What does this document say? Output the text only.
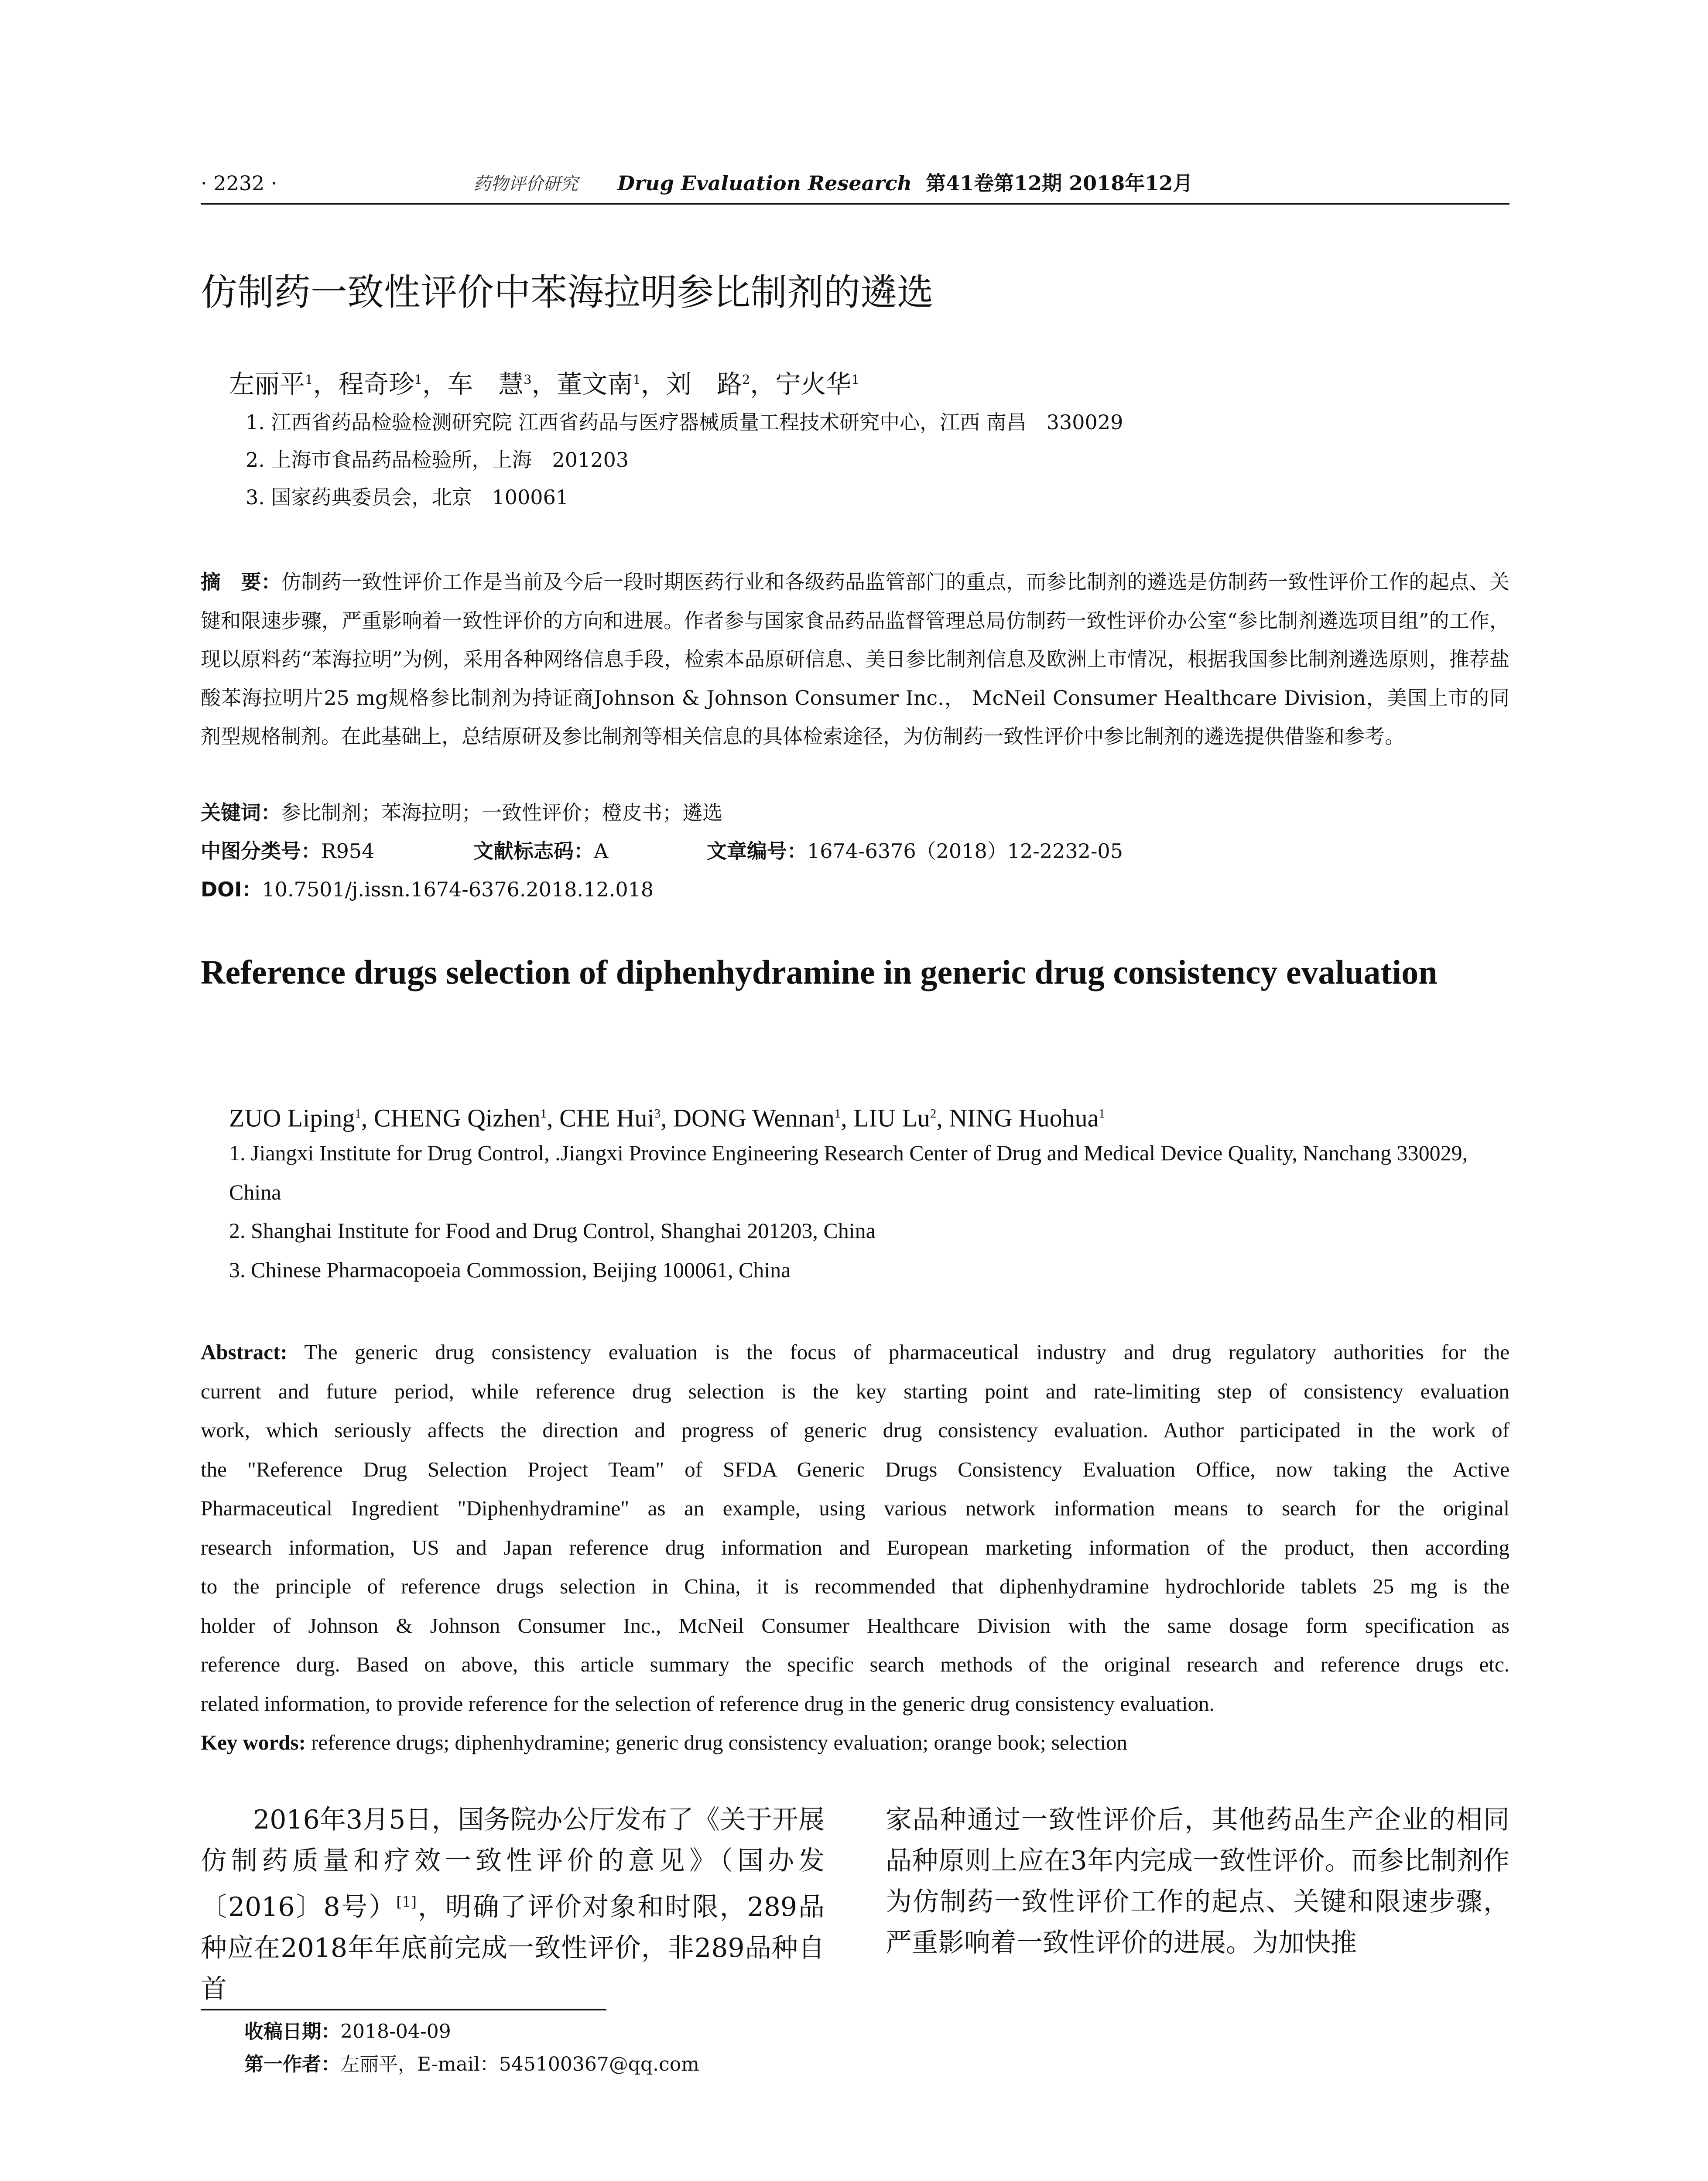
· 2232 ·	药物评价研究 Drug Evaluation Research 第41卷第12期 2018年12月
仿制药一致性评价中苯海拉明参比制剂的遴选
左丽平$^1$，程奇珍$^1$，车　慧$^3$，董文南$^1$，刘　路$^2$，宁火华$^1$
1. 江西省药品检验检测研究院 江西省药品与医疗器械质量工程技术研究中心，江西 南昌　330029
2. 上海市食品药品检验所，上海　201203
3. 国家药典委员会，北京　100061
摘　要：仿制药一致性评价工作是当前及今后一段时期医药行业和各级药品监管部门的重点，而参比制剂的遴选是仿制药一致性评价工作的起点、关键和限速步骤，严重影响着一致性评价的方向和进展。作者参与国家食品药品监督管理总局仿制药一致性评价办公室“参比制剂遴选项目组”的工作，现以原料药“苯海拉明”为例，采用各种网络信息手段，检索本品原研信息、美日参比制剂信息及欧洲上市情况，根据我国参比制剂遴选原则，推荐盐酸苯海拉明片25 mg规格参比制剂为持证商Johnson & Johnson Consumer Inc.， McNeil Consumer Healthcare Division，美国上市的同剂型规格制剂。在此基础上，总结原研及参比制剂等相关信息的具体检索途径，为仿制药一致性评价中参比制剂的遴选提供借鉴和参考。
关键词：参比制剂；苯海拉明；一致性评价；橙皮书；遴选
中图分类号：R954	文献标志码：A	文章编号：1674-6376（2018）12-2232-05
DOI：10.7501/j.issn.1674-6376.2018.12.018
Reference drugs selection of diphenhydramine in generic drug consistency evaluation
ZUO Liping$^1$, CHENG Qizhen$^1$, CHE Hui$^3$, DONG Wennan$^1$, LIU Lu$^2$, NING Huohua$^1$
1. Jiangxi Institute for Drug Control, .Jiangxi Province Engineering Research Center of Drug and Medical Device Quality, Nanchang 330029, China
2. Shanghai Institute for Food and Drug Control, Shanghai 201203, China
3. Chinese Pharmacopoeia Commossion, Beijing 100061, China
Abstract: The generic drug consistency evaluation is the focus of pharmaceutical industry and drug regulatory authorities for the
current and future period, while reference drug selection is the key starting point and rate-limiting step of consistency evaluation
work, which seriously affects the direction and progress of generic drug consistency evaluation. Author participated in the work of
the "Reference Drug Selection Project Team" of SFDA Generic Drugs Consistency Evaluation Office, now taking the Active
Pharmaceutical Ingredient "Diphenhydramine" as an example, using various network information means to search for the original
research information, US and Japan reference drug information and European marketing information of the product, then according
to the principle of reference drugs selection in China, it is recommended that diphenhydramine hydrochloride tablets 25 mg is the
holder of Johnson & Johnson Consumer Inc., McNeil Consumer Healthcare Division with the same dosage form specification as
reference durg. Based on above, this article summary the specific search methods of the original research and reference drugs etc.
related information, to provide reference for the selection of reference drug in the generic drug consistency evaluation.
Key words: reference drugs; diphenhydramine; generic drug consistency evaluation; orange book; selection
　　2016年3月5日，国务院办公厅发布了《关于开展仿制药质量和疗效一致性评价的意见》（国办发〔2016〕8号）[1]，明确了评价对象和时限，289品种应在2018年年底前完成一致性评价，非289品种自首
家品种通过一致性评价后，其他药品生产企业的相同品种原则上应在3年内完成一致性评价。而参比制剂作为仿制药一致性评价工作的起点、关键和限速步骤，严重影响着一致性评价的进展。为加快推
收稿日期：2018-04-09
第一作者：左丽平，E-mail：545100367@qq.com
